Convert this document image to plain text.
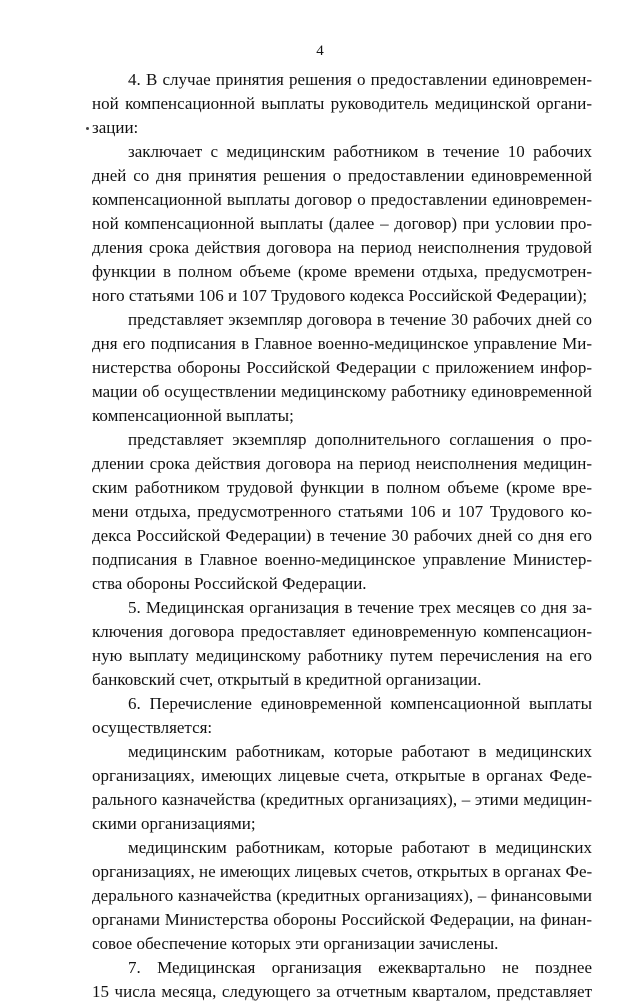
4
4. В случае принятия решения о предоставлении единовремен-
ной компенсационной выплаты руководитель медицинской органи-
зации:
заключает с медицинским работником в течение 10 рабочих
дней со дня принятия решения о предоставлении единовременной
компенсационной выплаты договор о предоставлении единовремен-
ной компенсационной выплаты (далее – договор) при условии про-
дления срока действия договора на период неисполнения трудовой
функции в полном объеме (кроме времени отдыха, предусмотрен-
ного статьями 106 и 107 Трудового кодекса Российской Федерации);
представляет экземпляр договора в течение 30 рабочих дней со
дня его подписания в Главное военно-медицинское управление Ми-
нистерства обороны Российской Федерации с приложением инфор-
мации об осуществлении медицинскому работнику единовременной
компенсационной выплаты;
представляет экземпляр дополнительного соглашения о про-
длении срока действия договора на период неисполнения медицин-
ским работником трудовой функции в полном объеме (кроме вре-
мени отдыха, предусмотренного статьями 106 и 107 Трудового ко-
декса Российской Федерации) в течение 30 рабочих дней со дня его
подписания в Главное военно-медицинское управление Министер-
ства обороны Российской Федерации.
5. Медицинская организация в течение трех месяцев со дня за-
ключения договора предоставляет единовременную компенсацион-
ную выплату медицинскому работнику путем перечисления на его
банковский счет, открытый в кредитной организации.
6. Перечисление единовременной компенсационной выплаты
осуществляется:
медицинским работникам, которые работают в медицинских
организациях, имеющих лицевые счета, открытые в органах Феде-
рального казначейства (кредитных организациях), – этими медицин-
скими организациями;
медицинским работникам, которые работают в медицинских
организациях, не имеющих лицевых счетов, открытых в органах Фе-
дерального казначейства (кредитных организациях), – финансовыми
органами Министерства обороны Российской Федерации, на финан-
совое обеспечение которых эти организации зачислены.
7. Медицинская организация ежеквартально не позднее
15 числа месяца, следующего за отчетным кварталом, представляет
